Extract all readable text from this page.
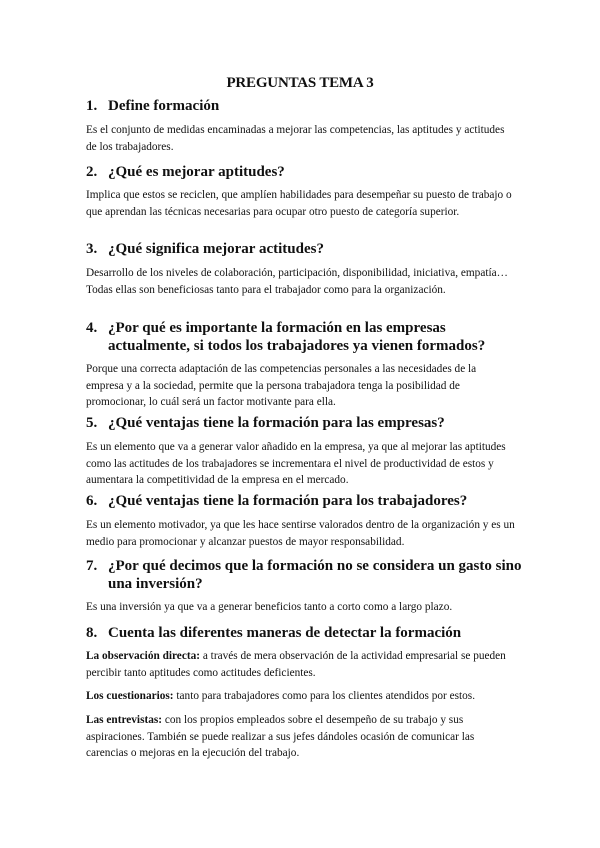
PREGUNTAS TEMA 3
1. Define formación
Es el conjunto de medidas encaminadas a mejorar las competencias, las aptitudes y actitudes de los trabajadores.
2. ¿Qué es mejorar aptitudes?
Implica que estos se reciclen, que amplíen habilidades para desempeñar su puesto de trabajo o que aprendan las técnicas necesarias para ocupar otro puesto de categoría superior.
3. ¿Qué significa mejorar actitudes?
Desarrollo de los niveles de colaboración, participación, disponibilidad, iniciativa, empatía… Todas ellas son beneficiosas tanto para el trabajador como para la organización.
4. ¿Por qué es importante la formación en las empresas actualmente, si todos los trabajadores ya vienen formados?
Porque una correcta adaptación de las competencias personales a las necesidades de la empresa y a la sociedad, permite que la persona trabajadora tenga la posibilidad de promocionar, lo cuál será un factor motivante para ella.
5. ¿Qué ventajas tiene la formación para las empresas?
Es un elemento que va a generar valor añadido en la empresa, ya que al mejorar las aptitudes como las actitudes de los trabajadores se incrementara el nivel de productividad de estos y aumentara la competitividad de la empresa en el mercado.
6. ¿Qué ventajas tiene la formación para los trabajadores?
Es un elemento motivador, ya que les hace sentirse valorados dentro de la organización y es un medio para promocionar y alcanzar puestos de mayor responsabilidad.
7. ¿Por qué decimos que la formación no se considera un gasto sino una inversión?
Es una inversión ya que va a generar beneficios tanto a corto como a largo plazo.
8. Cuenta las diferentes maneras de detectar la formación
La observación directa: a través de mera observación de la actividad empresarial se pueden percibir tanto aptitudes como actitudes deficientes.
Los cuestionarios: tanto para trabajadores como para los clientes atendidos por estos.
Las entrevistas: con los propios empleados sobre el desempeño de su trabajo y sus aspiraciones. También se puede realizar a sus jefes dándoles ocasión de comunicar las carencias o mejoras en la ejecución del trabajo.
